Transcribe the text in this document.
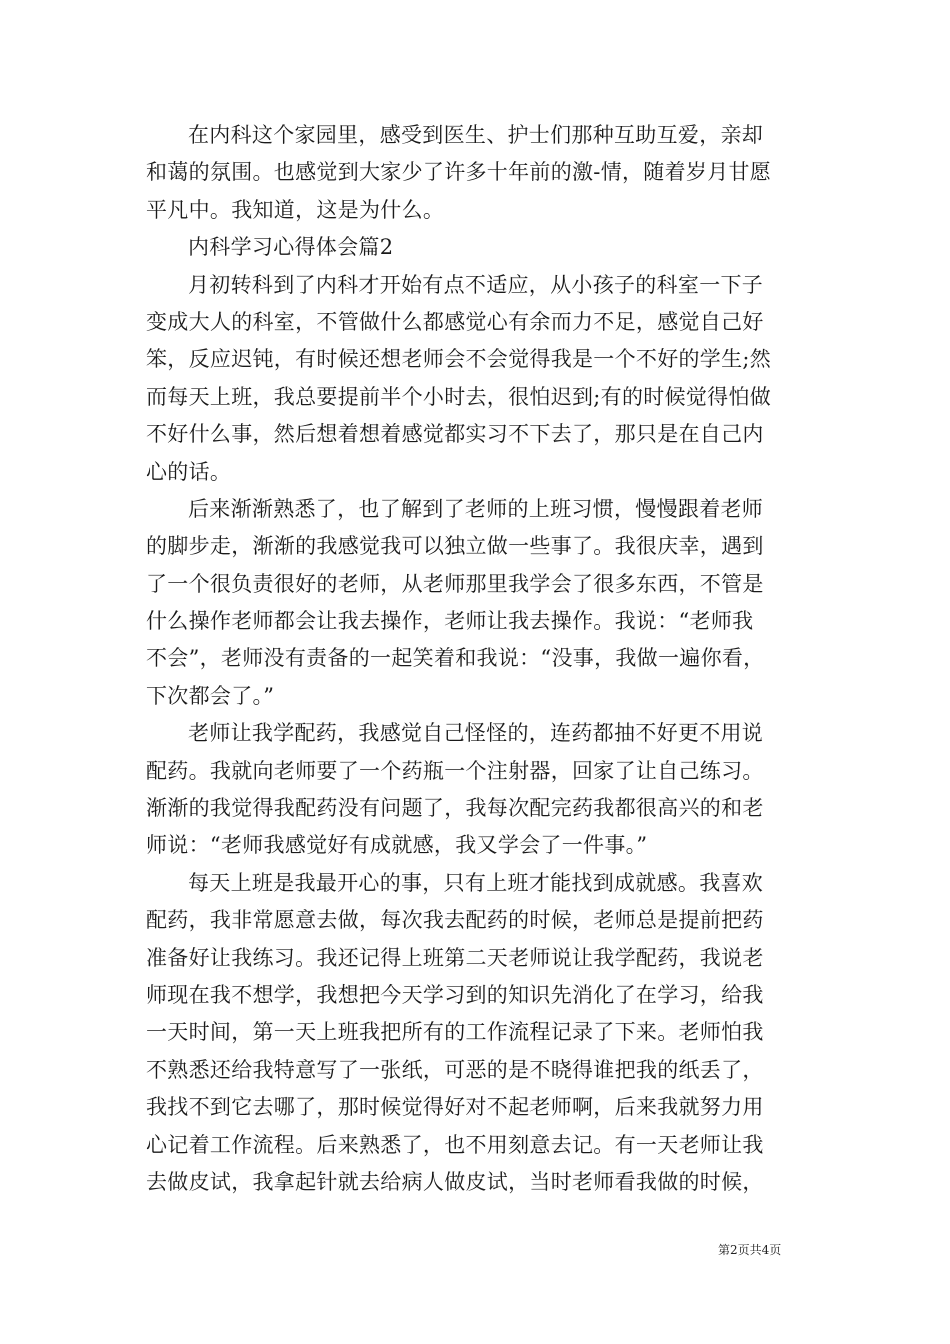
在内科这个家园里，感受到医生、护士们那种互助互爱，亲却
和蔼的氛围。也感觉到大家少了许多十年前的激-情，随着岁月甘愿
平凡中。我知道，这是为什么。
内科学习心得体会篇2
月初转科到了内科才开始有点不适应，从小孩子的科室一下子
变成大人的科室，不管做什么都感觉心有余而力不足，感觉自己好
笨，反应迟钝，有时候还想老师会不会觉得我是一个不好的学生;然
而每天上班，我总要提前半个小时去，很怕迟到;有的时候觉得怕做
不好什么事，然后想着想着感觉都实习不下去了，那只是在自己内
心的话。
后来渐渐熟悉了，也了解到了老师的上班习惯，慢慢跟着老师
的脚步走，渐渐的我感觉我可以独立做一些事了。我很庆幸，遇到
了一个很负责很好的老师，从老师那里我学会了很多东西，不管是
什么操作老师都会让我去操作，老师让我去操作。我说：“老师我
不会”，老师没有责备的一起笑着和我说：“没事，我做一遍你看，
下次都会了。”
老师让我学配药，我感觉自己怪怪的，连药都抽不好更不用说
配药。我就向老师要了一个药瓶一个注射器，回家了让自己练习。
渐渐的我觉得我配药没有问题了，我每次配完药我都很高兴的和老
师说：“老师我感觉好有成就感，我又学会了一件事。”
每天上班是我最开心的事，只有上班才能找到成就感。我喜欢
配药，我非常愿意去做，每次我去配药的时候，老师总是提前把药
准备好让我练习。我还记得上班第二天老师说让我学配药，我说老
师现在我不想学，我想把今天学习到的知识先消化了在学习，给我
一天时间，第一天上班我把所有的工作流程记录了下来。老师怕我
不熟悉还给我特意写了一张纸，可恶的是不晓得谁把我的纸丢了，
我找不到它去哪了，那时候觉得好对不起老师啊，后来我就努力用
心记着工作流程。后来熟悉了，也不用刻意去记。有一天老师让我
去做皮试，我拿起针就去给病人做皮试，当时老师看我做的时候，
第2页共4页
